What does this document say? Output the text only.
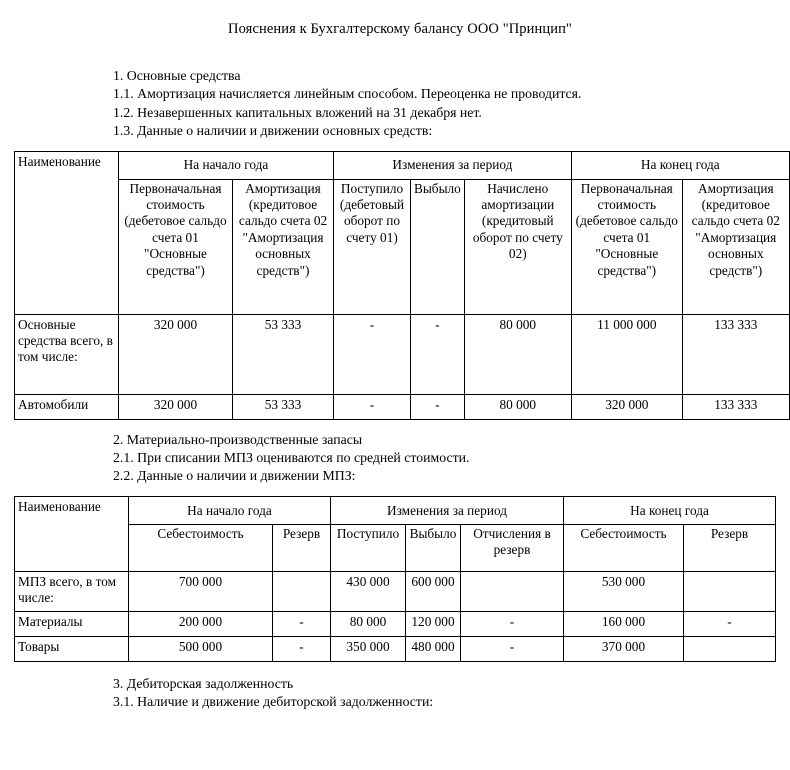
Пояснения к Бухгалтерскому балансу ООО "Принцип"
1. Основные средства
1.1. Амортизация начисляется линейным способом. Переоценка не проводится.
1.2. Незавершенных капитальных вложений на 31 декабря нет.
1.3. Данные о наличии и движении основных средств:
Наименование	На начало года		Изменения за период			На конец года	
	Первоначальная стоимость (дебетовое сальдо счета 01 "Основные средства")	Амортизация (кредитовое сальдо счета 02 "Амортизация основных средств")	Поступило (дебетовый оборот по счету 01)	Выбыло	Начислено амортизации (кредитовый оборот по счету 02)	Первоначальная стоимость (дебетовое сальдо счета 01 "Основные средства")	Амортизация (кредитовое сальдо счета 02 "Амортизация основных средств")
Основные средства всего, в том числе:	320 000	53 333	-	-	80 000	11 000 000	133 333
Автомобили	320 000	53 333	-	-	80 000	320 000	133 333
2. Материально-производственные запасы
2.1. При списании МПЗ оцениваются по средней стоимости.
2.2. Данные о наличии и движении МПЗ:
Наименование	На начало года		Изменения за период			На конец года	
	Себестоимость	Резерв	Поступило	Выбыло	Отчисления в резерв	Себестоимость	Резерв
МПЗ всего, в том числе:	700 000		430 000	600 000		530 000	
Материалы	200 000	-	80 000	120 000	-	160 000	-
Товары	500 000	-	350 000	480 000	-	370 000	
3. Дебиторская задолженность
3.1. Наличие и движение дебиторской задолженности:
